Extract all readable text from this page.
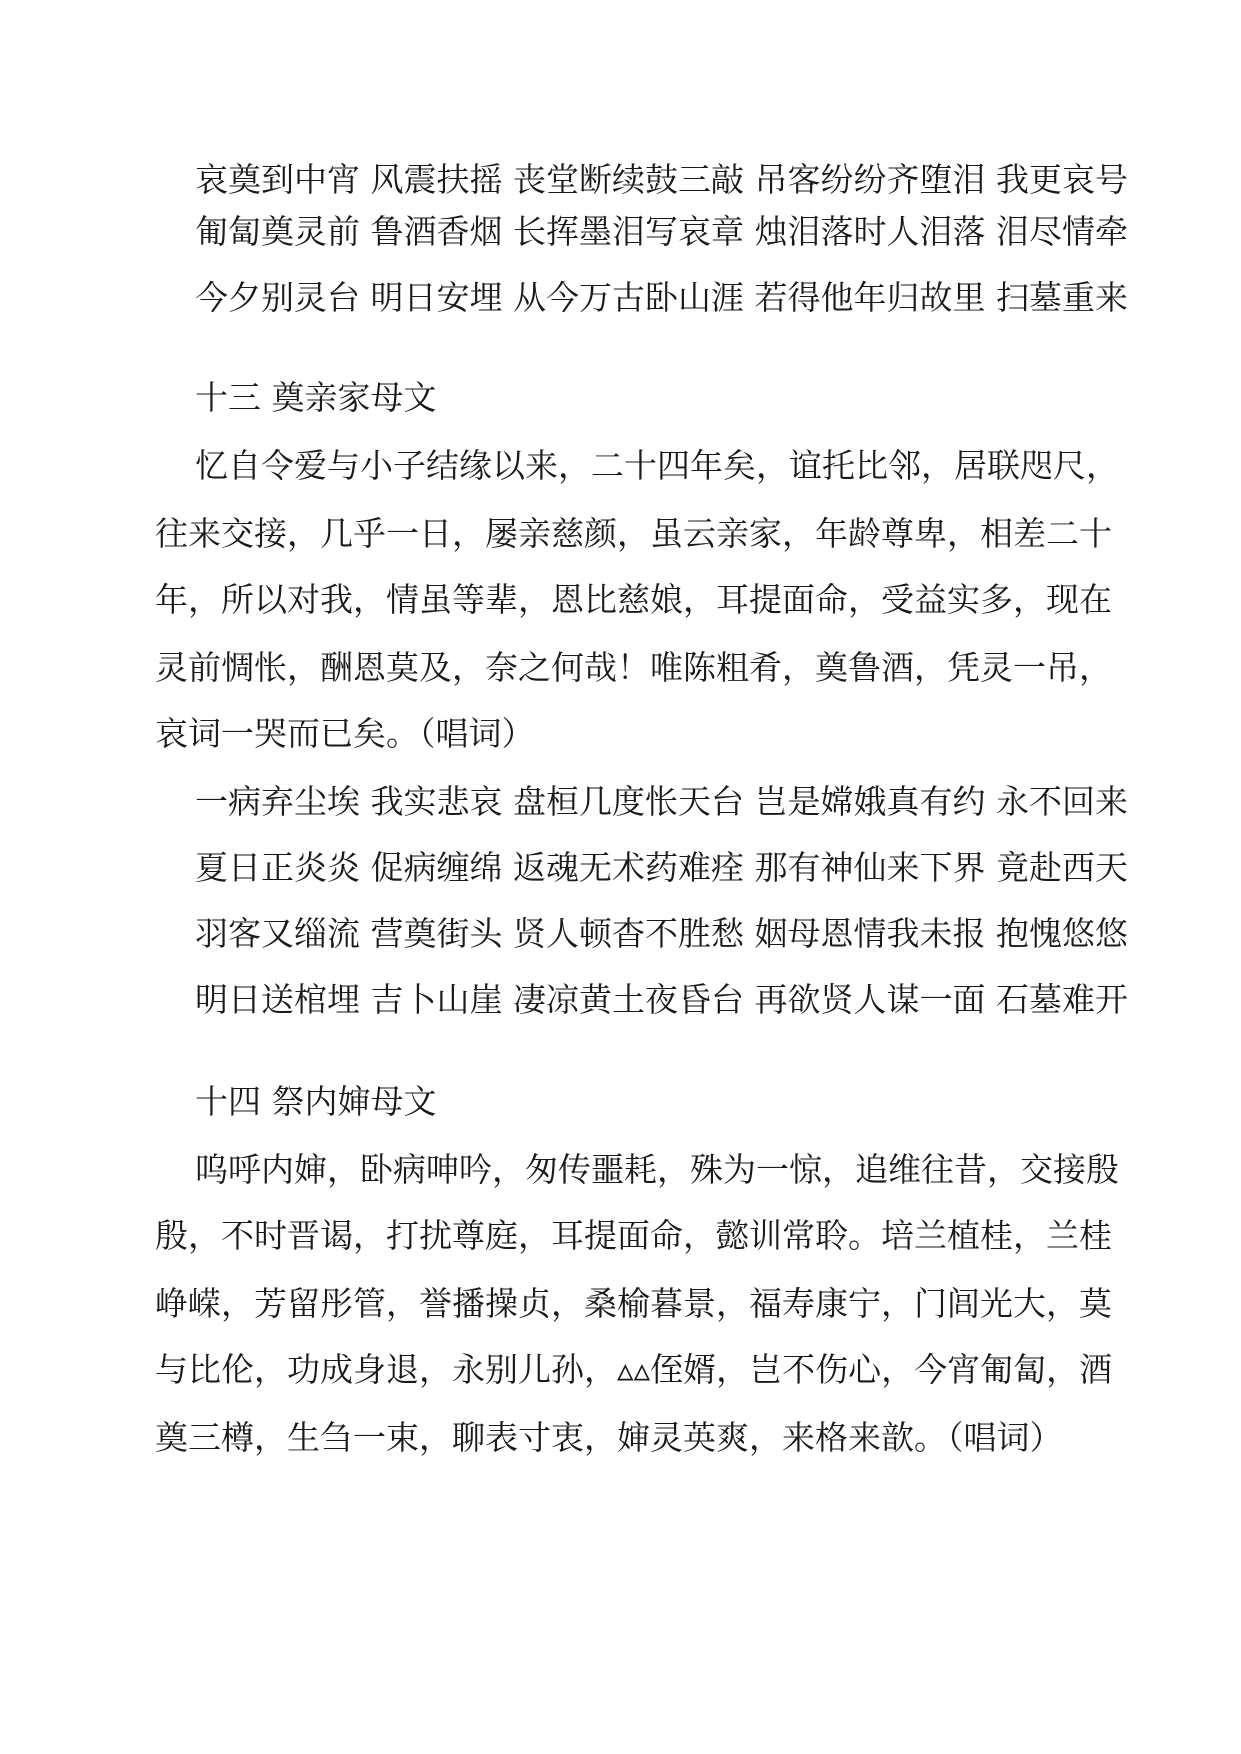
哀奠到中宵 风震扶摇 丧堂断续鼓三敲 吊客纷纷齐堕泪 我更哀号
匍匐奠灵前 鲁酒香烟 长挥墨泪写哀章 烛泪落时人泪落 泪尽情牵
今夕别灵台 明日安埋 从今万古卧山涯 若得他年归故里 扫墓重来
十三 奠亲家母文
忆自令爱与小子结缘以来，二十四年矣，谊托比邻，居联咫尺，
往来交接，几乎一日，屡亲慈颜，虽云亲家，年龄尊卑，相差二十
年，所以对我，情虽等辈，恩比慈娘，耳提面命，受益实多，现在
灵前惆怅，酬恩莫及，奈之何哉！唯陈粗肴，奠鲁酒，凭灵一吊，
哀词一哭而已矣。（唱词）
一病弃尘埃 我实悲哀 盘桓几度怅天台 岂是嫦娥真有约 永不回来
夏日正炎炎 促病缠绵 返魂无术药难痊 那有神仙来下界 竟赴西天
羽客又缁流 营奠街头 贤人顿杳不胜愁 姻母恩情我未报 抱愧悠悠
明日送棺埋 吉卜山崖 凄凉黄土夜昏台 再欲贤人谋一面 石墓难开
十四 祭内婶母文
呜呼内婶，卧病呻吟，匆传噩耗，殊为一惊，追维往昔，交接殷
殷，不时晋谒，打扰尊庭，耳提面命，懿训常聆。培兰植桂，兰桂
峥嵘，芳留彤管，誉播操贞，桑榆暮景，福寿康宁，门闾光大，莫
与比伦，功成身退，永别儿孙，▵▵侄婿，岂不伤心，今宵匍匐，酒
奠三樽，生刍一束，聊表寸衷，婶灵英爽，来格来歆。（唱词）
